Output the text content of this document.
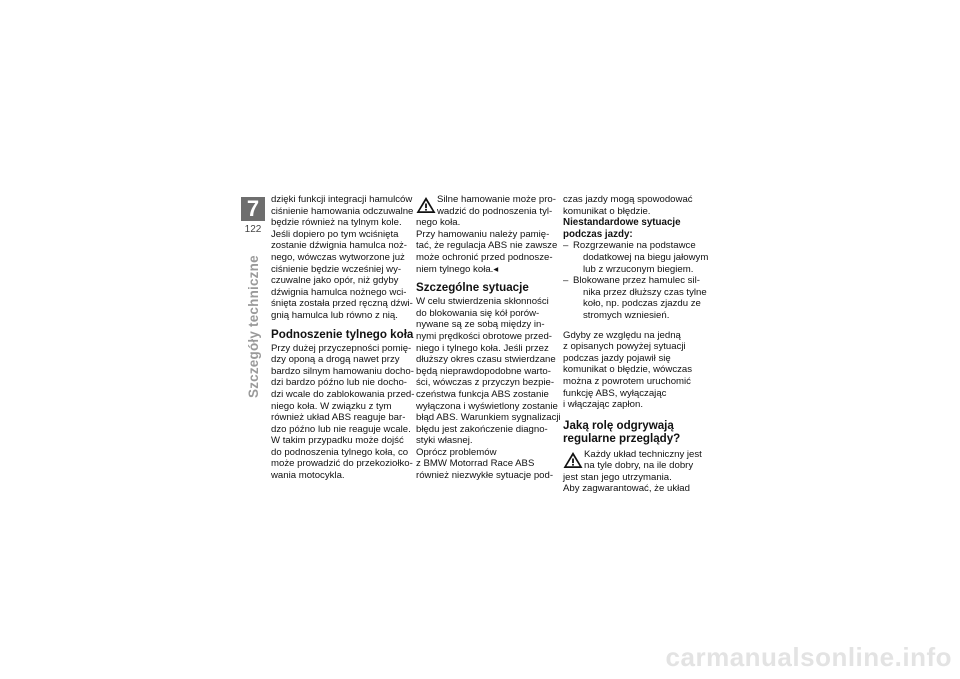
7
122
Szczegóły techniczne

dzięki funkcji integracji hamulców
ciśnienie hamowania odczuwalne
będzie również na tylnym kole.
Jeśli dopiero po tym wciśnięta
zostanie dźwignia hamulca noż-
nego, wówczas wytworzone już
ciśnienie będzie wcześniej wy-
czuwalne jako opór, niż gdyby
dźwignia hamulca nożnego wci-
śnięta została przed ręczną dźwi-
gnią hamulca lub równo z nią.

Podnoszenie tylnego koła

Przy dużej przyczepności pomię-
dzy oponą a drogą nawet przy
bardzo silnym hamowaniu docho-
dzi bardzo późno lub nie docho-
dzi wcale do zablokowania przed-
niego koła. W związku z tym
również układ ABS reaguje bar-
dzo późno lub nie reaguje wcale.
W takim przypadku może dojść
do podnoszenia tylnego koła, co
może prowadzić do przekoziołko-
wania motocykla.

Silne hamowanie może pro-
wadzić do podnoszenia tyl-
nego koła.
Przy hamowaniu należy pamię-
tać, że regulacja ABS nie zawsze
może ochronić przed podnosze-
niem tylnego koła.◂
Szczególne sytuacje

W celu stwierdzenia skłonności
do blokowania się kół porów-
nywane są ze sobą między in-
nymi prędkości obrotowe przed-
niego i tylnego koła. Jeśli przez
dłuższy okres czasu stwierdzane
będą nieprawdopodobne warto-
ści, wówczas z przyczyn bezpie-
czeństwa funkcja ABS zostanie
wyłączona i wyświetlony zostanie
błąd ABS. Warunkiem sygnalizacji
błędu jest zakończenie diagno-
styki własnej.
Oprócz problemów
z BMW Motorrad Race ABS
również niezwykłe sytuacje pod-

czas jazdy mogą spowodować
komunikat o błędzie.

Niestandardowe sytuacje
podczas jazdy:
– Rozgrzewanie na podstawce
dodatkowej na biegu jałowym
lub z wrzuconym biegiem.
– Blokowane przez hamulec sil-
nika przez dłuższy czas tylne
koło, np. podczas zjazdu ze
stromych wzniesień.

Gdyby ze względu na jedną
z opisanych powyżej sytuacji
podczas jazdy pojawił się
komunikat o błędzie, wówczas
można z powrotem uruchomić
funkcję ABS, wyłączając
i włączając zapłon.

Jaką rolę odgrywają
regularne przeglądy?
Każdy układ techniczny jest
na tyle dobry, na ile dobry
jest stan jego utrzymania.
Aby zagwarantować, że układ
carmanualsonline.info
